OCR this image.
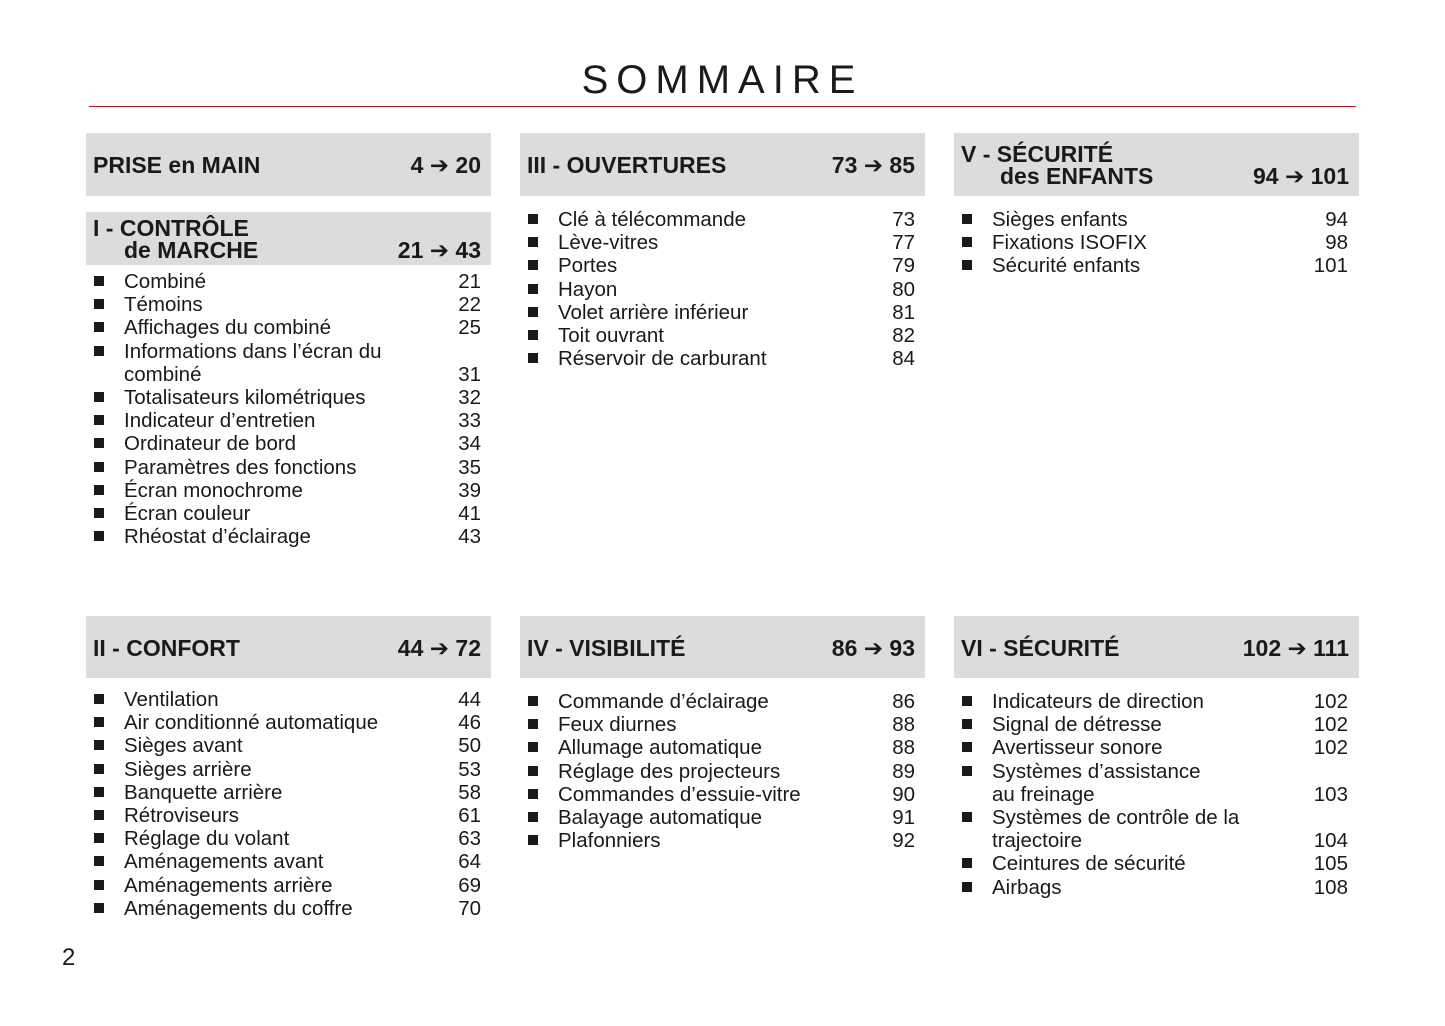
SOMMAIRE
PRISE en MAIN	4 ➔ 20
I - CONTRÔLE
de MARCHE	21 ➔ 43
Combiné	21
Témoins	22
Affichages du combiné	25
Informations dans l’écran du
combiné	31
Totalisateurs kilométriques	32
Indicateur d’entretien	33
Ordinateur de bord	34
Paramètres des fonctions	35
Écran monochrome	39
Écran couleur	41
Rhéostat d’éclairage	43
II - CONFORT	44 ➔ 72
Ventilation	44
Air conditionné automatique	46
Sièges avant	50
Sièges arrière	53
Banquette arrière	58
Rétroviseurs	61
Réglage du volant	63
Aménagements avant	64
Aménagements arrière	69
Aménagements du coffre	70
III - OUVERTURES	73 ➔ 85
Clé à télécommande	73
Lève-vitres	77
Portes	79
Hayon	80
Volet arrière inférieur	81
Toit ouvrant	82
Réservoir de carburant	84
IV - VISIBILITÉ	86 ➔ 93
Commande d’éclairage	86
Feux diurnes	88
Allumage automatique	88
Réglage des projecteurs	89
Commandes d’essuie-vitre	90
Balayage automatique	91
Plafonniers	92
V - SÉCURITÉ
des ENFANTS	94 ➔ 101
Sièges enfants	94
Fixations ISOFIX	98
Sécurité enfants	101
VI - SÉCURITÉ	102 ➔ 111
Indicateurs de direction	102
Signal de détresse	102
Avertisseur sonore	102
Systèmes d’assistance
au freinage	103
Systèmes de contrôle de la
trajectoire	104
Ceintures de sécurité	105
Airbags	108
2
